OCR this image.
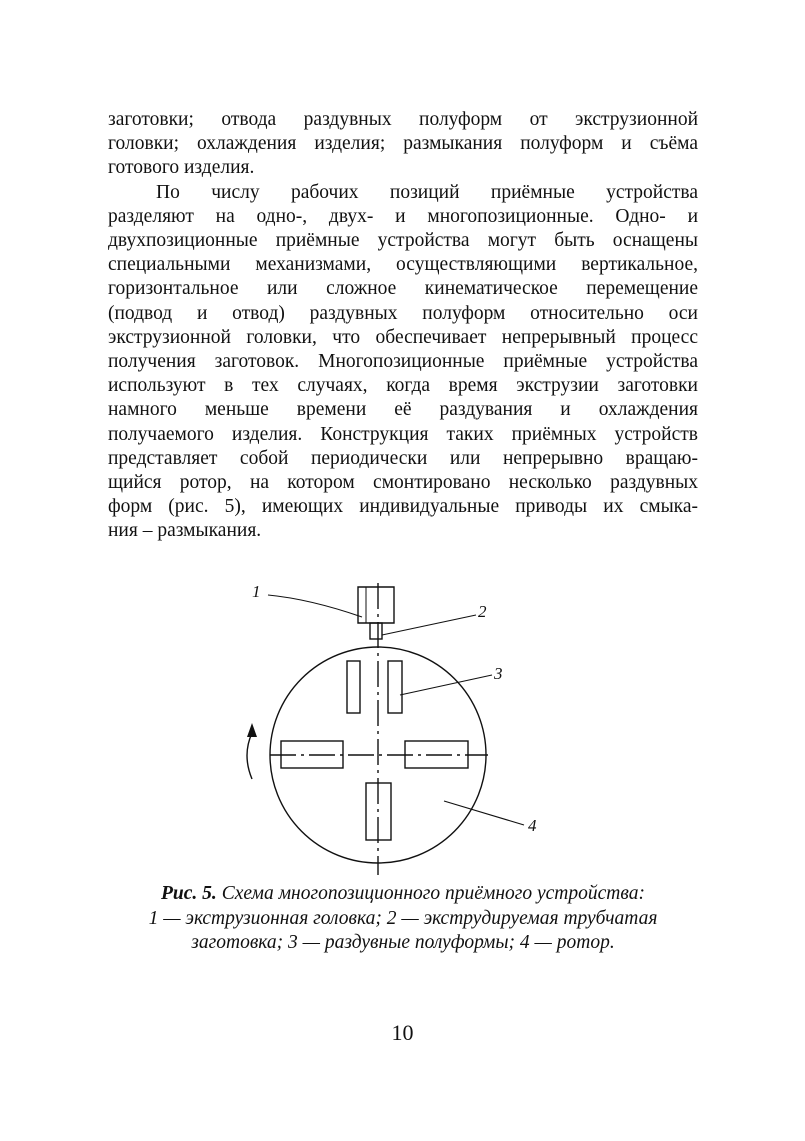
заготовки; отвода раздувных полуформ от экструзионной
головки; охлаждения изделия; размыкания полуформ и съёма
готового изделия.

По числу рабочих позиций приёмные устройства
разделяют на одно-, двух- и многопозиционные. Одно- и
двухпозиционные приёмные устройства могут быть оснащены
специальными механизмами, осуществляющими вертикальное,
горизонтальное или сложное кинематическое перемещение
(подвод и отвод) раздувных полуформ относительно оси
экструзионной головки, что обеспечивает непрерывный процесс
получения заготовок. Многопозиционные приёмные устройства
используют в тех случаях, когда время экструзии заготовки
намного меньше времени её раздувания и охлаждения
получаемого изделия. Конструкция таких приёмных устройств
представляет собой периодически или непрерывно вращаю-
щийся ротор, на котором смонтировано несколько раздувных
форм (рис. 5), имеющих индивидуальные приводы их смыка-
ния – размыкания.

1
2
3
4
Рис. 5. Схема многопозиционного приёмного устройства:
1 — экструзионная головка; 2 — экструдируемая трубчатая
заготовка; 3 — раздувные полуформы; 4 — ротор.
10
